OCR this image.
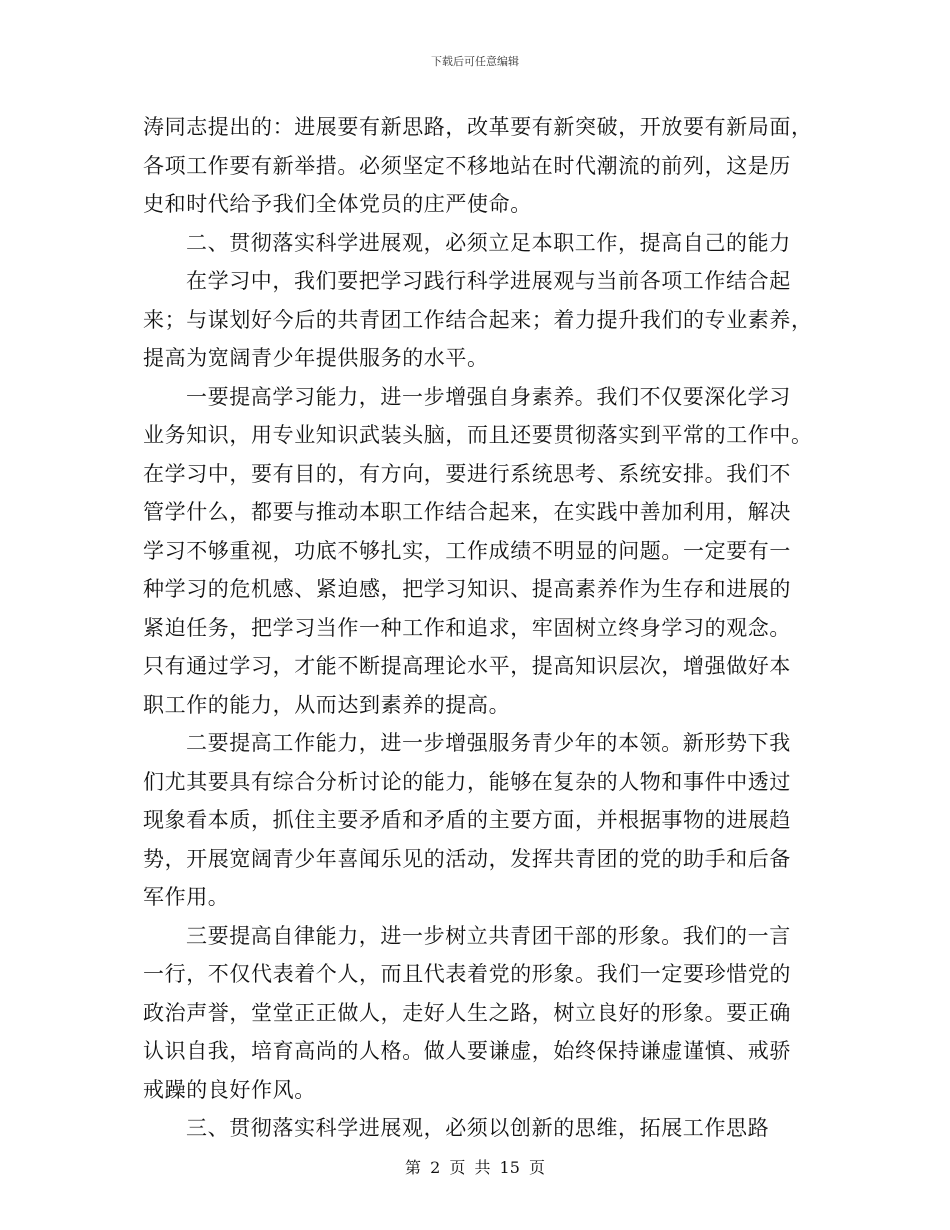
下载后可任意编辑
涛同志提出的：进展要有新思路，改革要有新突破，开放要有新局面，
各项工作要有新举措。必须坚定不移地站在时代潮流的前列，这是历
史和时代给予我们全体党员的庄严使命。
二、贯彻落实科学进展观，必须立足本职工作，提高自己的能力
在学习中，我们要把学习践行科学进展观与当前各项工作结合起
来；与谋划好今后的共青团工作结合起来；着力提升我们的专业素养，
提高为宽阔青少年提供服务的水平。
一要提高学习能力，进一步增强自身素养。我们不仅要深化学习
业务知识，用专业知识武装头脑，而且还要贯彻落实到平常的工作中。
在学习中，要有目的，有方向，要进行系统思考、系统安排。我们不
管学什么，都要与推动本职工作结合起来，在实践中善加利用，解决
学习不够重视，功底不够扎实，工作成绩不明显的问题。一定要有一
种学习的危机感、紧迫感，把学习知识、提高素养作为生存和进展的
紧迫任务，把学习当作一种工作和追求，牢固树立终身学习的观念。
只有通过学习，才能不断提高理论水平，提高知识层次，增强做好本
职工作的能力，从而达到素养的提高。
二要提高工作能力，进一步增强服务青少年的本领。新形势下我
们尤其要具有综合分析讨论的能力，能够在复杂的人物和事件中透过
现象看本质，抓住主要矛盾和矛盾的主要方面，并根据事物的进展趋
势，开展宽阔青少年喜闻乐见的活动，发挥共青团的党的助手和后备
军作用。
三要提高自律能力，进一步树立共青团干部的形象。我们的一言
一行，不仅代表着个人，而且代表着党的形象。我们一定要珍惜党的
政治声誉，堂堂正正做人，走好人生之路，树立良好的形象。要正确
认识自我，培育高尚的人格。做人要谦虚，始终保持谦虚谨慎、戒骄
戒躁的良好作风。
三、贯彻落实科学进展观，必须以创新的思维，拓展工作思路
第 2 页 共 15 页
